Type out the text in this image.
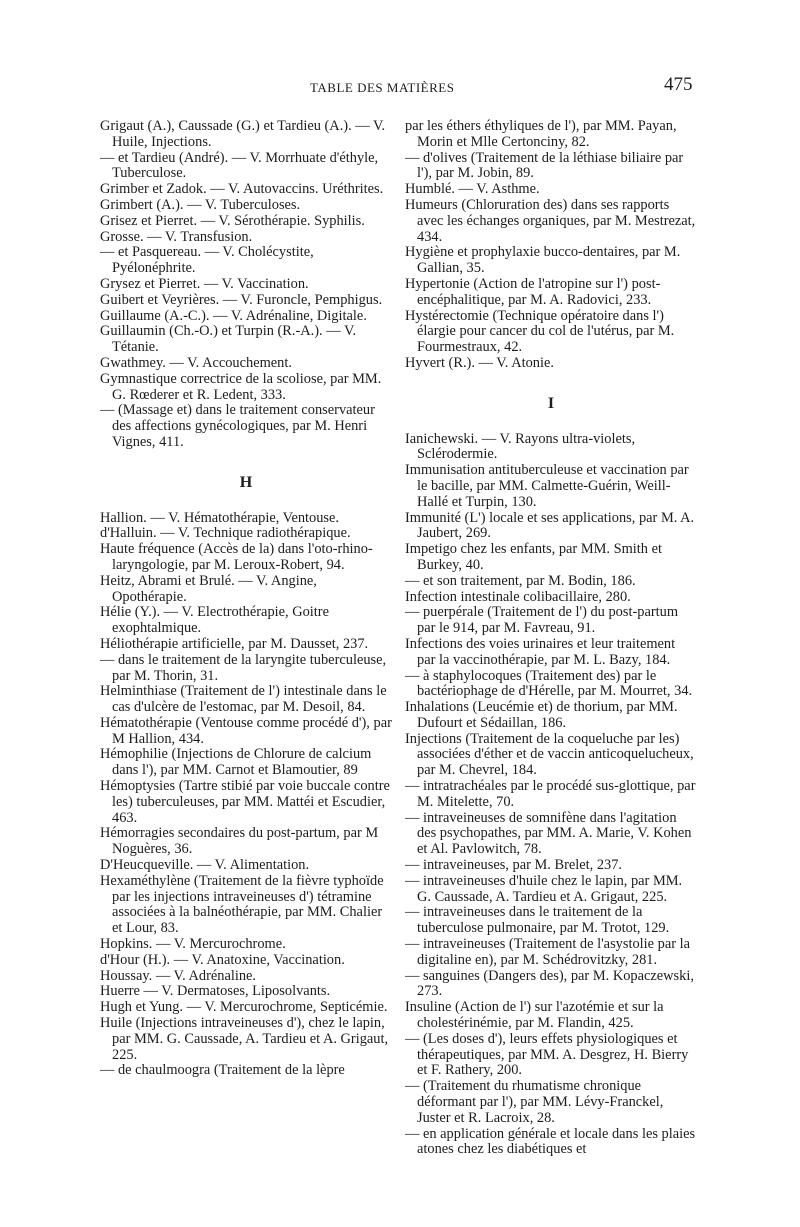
TABLE DES MATIÈRES	475

Grigaut (A.), Caussade (G.) et Tardieu (A.). — V. Huile, Injections.

— et Tardieu (André). — V. Morrhuate d'éthyle, Tuberculose.

Grimber et Zadok. — V. Autovaccins. Uréthrites.

Grimbert (A.). — V. Tuberculoses.

Grisez et Pierret. — V. Sérothérapie. Syphilis.

Grosse. — V. Transfusion.

— et Pasquereau. — V. Cholécystite, Pyélonéphrite.

Grysez et Pierret. — V. Vaccination.

Guibert et Veyrières. — V. Furoncle, Pemphigus.

Guillaume (A.-C.). — V. Adrénaline, Digitale.

Guillaumin (Ch.-O.) et Turpin (R.-A.). — V. Tétanie.

Gwathmey. — V. Accouchement.

Gymnastique correctrice de la scoliose, par MM. G. Rœderer et R. Ledent, 333.

— (Massage et) dans le traitement conservateur des affections gynécologiques, par M. Henri Vignes, 411.

H

Hallion. — V. Hématothérapie, Ventouse.

d'Halluin. — V. Technique radiothérapique.

Haute fréquence (Accès de la) dans l'oto-rhino-laryngologie, par M. Leroux-Robert, 94.

Heitz, Abrami et Brulé. — V. Angine, Opothérapie.

Hélie (Y.). — V. Electrothérapie, Goitre exophtalmique.

Héliothérapie artificielle, par M. Dausset, 237.

— dans le traitement de la laryngite tuberculeuse, par M. Thorin, 31.

Helminthiase (Traitement de l') intestinale dans le cas d'ulcère de l'estomac, par M. Desoil, 84.

Hématothérapie (Ventouse comme procédé d'), par M Hallion, 434.

Hémophilie (Injections de Chlorure de calcium dans l'), par MM. Carnot et Blamoutier, 89

Hémoptysies (Tartre stibié par voie buccale contre les) tuberculeuses, par MM. Mattéi et Escudier, 463.

Hémorragies secondaires du post-partum, par M Noguères, 36.

D'Heucqueville. — V. Alimentation.

Hexaméthylène (Traitement de la fièvre typhoïde par les injections intraveineuses d') tétramine associées à la balnéothérapie, par MM. Chalier et Lour, 83.

Hopkins. — V. Mercurochrome.

d'Hour (H.). — V. Anatoxine, Vaccination.

Houssay. — V. Adrénaline.

Huerre — V. Dermatoses, Liposolvants.

Hugh et Yung. — V. Mercurochrome, Septicémie.

Huile (Injections intraveineuses d'), chez le lapin, par MM. G. Caussade, A. Tardieu et A. Grigaut, 225.

— de chaulmoogra (Traitement de la lèpre

par les éthers éthyliques de l'), par MM. Payan, Morin et Mlle Certonciny, 82.

— d'olives (Traitement de la léthiase biliaire par l'), par M. Jobin, 89.

Humblé. — V. Asthme.

Humeurs (Chloruration des) dans ses rapports avec les échanges organiques, par M. Mestrezat, 434.

Hygiène et prophylaxie bucco-dentaires, par M. Gallian, 35.

Hypertonie (Action de l'atropine sur l') post-encéphalitique, par M. A. Radovici, 233.

Hystérectomie (Technique opératoire dans l') élargie pour cancer du col de l'utérus, par M. Fourmestraux, 42.

Hyvert (R.). — V. Atonie.

I

Ianichewski. — V. Rayons ultra-violets, Sclérodermie.

Immunisation antituberculeuse et vaccination par le bacille, par MM. Calmette-Guérin, Weill-Hallé et Turpin, 130.

Immunité (L') locale et ses applications, par M. A. Jaubert, 269.

Impetigo chez les enfants, par MM. Smith et Burkey, 40.

— et son traitement, par M. Bodin, 186.

Infection intestinale colibacillaire, 280.

— puerpérale (Traitement de l') du post-partum par le 914, par M. Favreau, 91.

Infections des voies urinaires et leur traitement par la vaccinothérapie, par M. L. Bazy, 184.

— à staphylocoques (Traitement des) par le bactériophage de d'Hérelle, par M. Mourret, 34.

Inhalations (Leucémie et) de thorium, par MM. Dufourt et Sédaillan, 186.

Injections (Traitement de la coqueluche par les) associées d'éther et de vaccin anticoquelucheux, par M. Chevrel, 184.

— intratrachéales par le procédé sus-glottique, par M. Mitelette, 70.

— intraveineuses de somnifène dans l'agitation des psychopathes, par MM. A. Marie, V. Kohen et Al. Pavlowitch, 78.

— intraveineuses, par M. Brelet, 237.

— intraveineuses d'huile chez le lapin, par MM. G. Caussade, A. Tardieu et A. Grigaut, 225.

— intraveineuses dans le traitement de la tuberculose pulmonaire, par M. Trotot, 129.

— intraveineuses (Traitement de l'asystolie par la digitaline en), par M. Schédrovitzky, 281.

— sanguines (Dangers des), par M. Kopaczewski, 273.

Insuline (Action de l') sur l'azotémie et sur la cholestérinémie, par M. Flandin, 425.

— (Les doses d'), leurs effets physiologiques et thérapeutiques, par MM. A. Desgrez, H. Bierry et F. Rathery, 200.

— (Traitement du rhumatisme chronique déformant par l'), par MM. Lévy-Franckel, Juster et R. Lacroix, 28.

— en application générale et locale dans les plaies atones chez les diabétiques et
